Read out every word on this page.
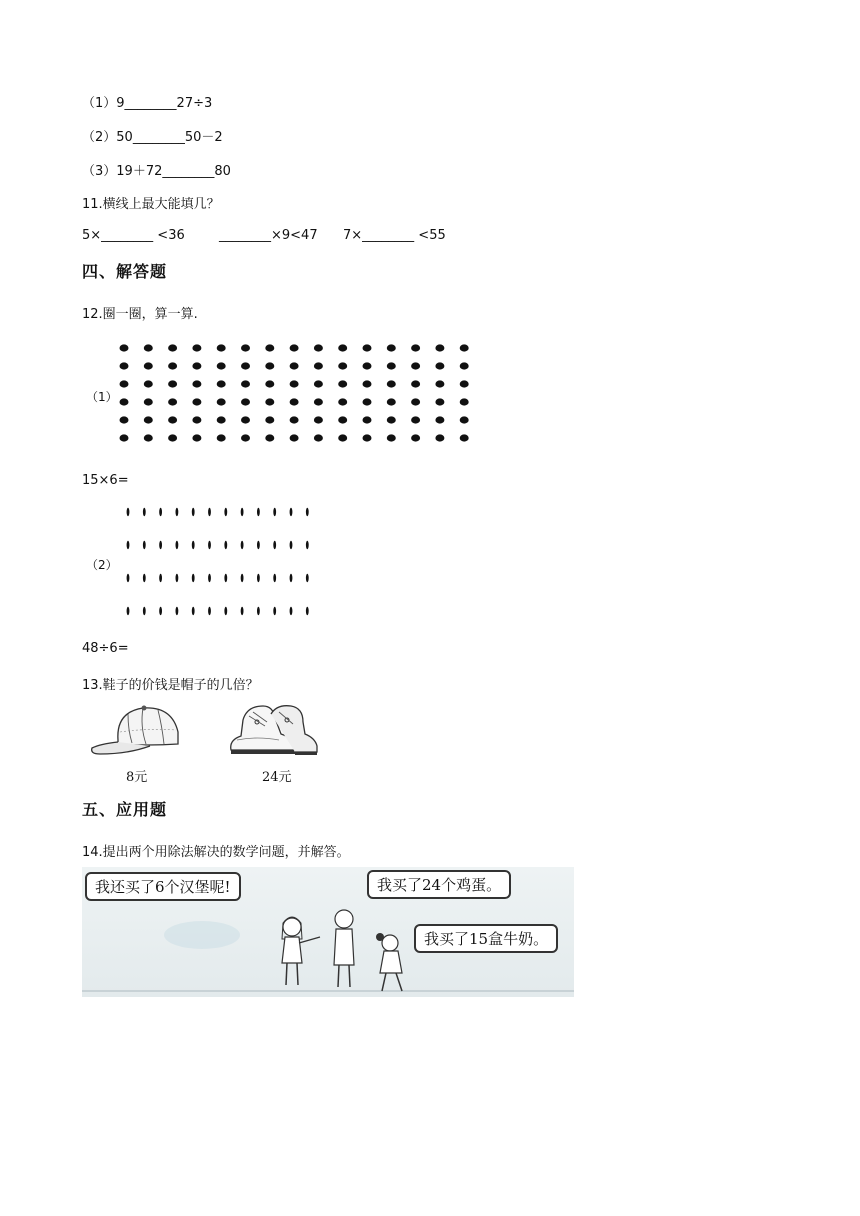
（1）9________27÷3
（2）50________50－2
（3）19＋72________80
11.横线上最大能填几？
5×________ <36	________×9<47 7×________ <55
四、解答题
12.圈一圈，算一算.
（1）
15×6=
（2）
48÷6=
13.鞋子的价钱是帽子的几倍？
8元	24元
五、应用题
14.提出两个用除法解决的数学问题，并解答。
我还买了6个汉堡呢!	我买了24个鸡蛋。
我买了15盒牛奶。
